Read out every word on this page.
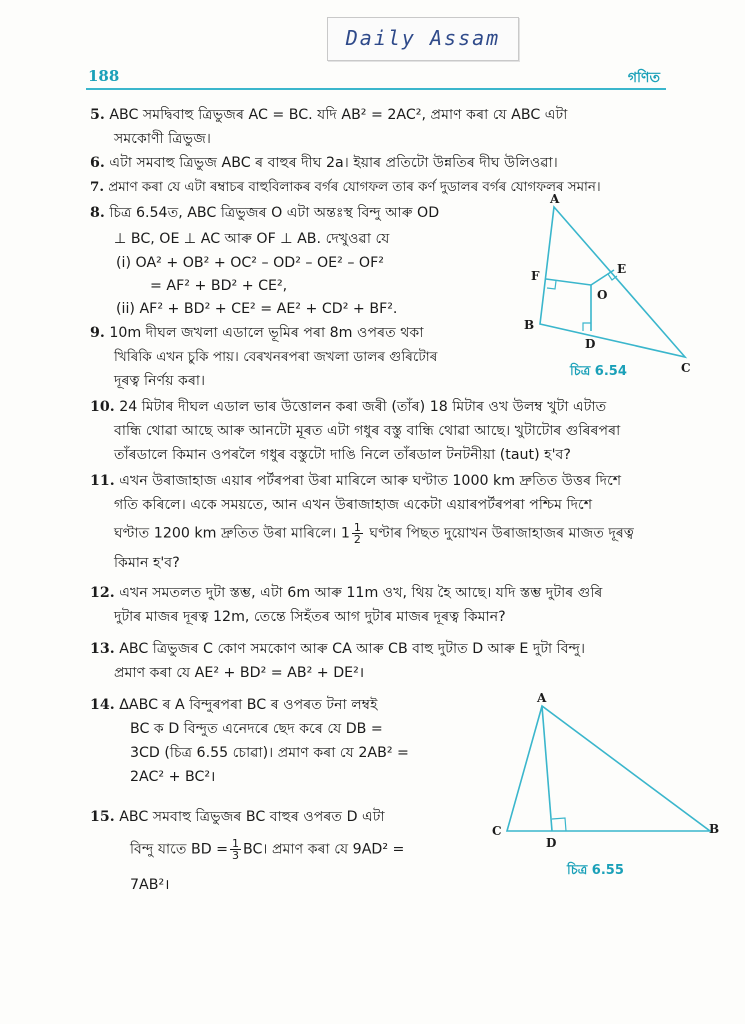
Daily Assam
188	গণিত
5. ABC সমদ্বিবাহু ত্ৰিভুজৰ AC = BC. যদি AB² = 2AC², প্ৰমাণ কৰা যে ABC এটা
সমকোণী ত্ৰিভুজ।
6. এটা সমবাহু ত্ৰিভুজ ABC ৰ বাহুৰ দীঘ 2a। ইয়াৰ প্ৰতিটো উন্নতিৰ দীঘ উলিওৱা।
7. প্ৰমাণ কৰা যে এটা ৰম্বাচৰ বাহুবিলাকৰ বৰ্গৰ যোগফল তাৰ কৰ্ণ দুডালৰ বৰ্গৰ যোগফলৰ সমান।
8. চিত্ৰ 6.54ত, ABC ত্ৰিভুজৰ O এটা অন্তঃস্থ বিন্দু আৰু OD
⊥ BC, OE ⊥ AC আৰু OF ⊥ AB. দেখুওৱা যে
(i) OA² + OB² + OC² – OD² – OE² – OF²
= AF² + BD² + CE²,
(ii) AF² + BD² + CE² = AE² + CD² + BF².
9. 10m দীঘল জখলা এডালে ভূমিৰ পৰা 8m ওপৰত থকা
খিৰিকি এখন চুকি পায়। বেৰখনৰপৰা জখলা ডালৰ গুৰিটোৰ
দূৰত্ব নিৰ্ণয় কৰা।
A
B
C
D
E
F
O
চিত্ৰ 6.54
10. 24 মিটাৰ দীঘল এডাল ভাৰ উত্তোলন কৰা জৰী (তাঁৰ) 18 মিটাৰ ওখ উলম্ব খুটা এটাত
বান্ধি থোৱা আছে আৰু আনটো মূৰত এটা গধুৰ বস্তু বান্ধি থোৱা আছে। খুটাটোৰ গুৰিৰপৰা
তাঁৰডালে কিমান ওপৰলৈ গধুৰ বস্তুটো দাঙি নিলে তাঁৰডাল টনটনীয়া (taut) হ'ব?
11. এখন উৰাজাহাজ এয়াৰ পৰ্টৰপৰা উৰা মাৰিলে আৰু ঘণ্টাত 1000 km দ্ৰুতিত উত্তৰ দিশে
গতি কৰিলে। একে সময়তে, আন এখন উৰাজাহাজ একেটা এয়াৰপৰ্টৰপৰা পশ্চিম দিশে
ঘণ্টাত 1200 km দ্ৰুতিত উৰা মাৰিলে। $1 \frac{1}{2}$ ঘণ্টাৰ পিছত দুয়োখন উৰাজাহাজৰ মাজত দূৰত্ব
কিমান হ'ব?
12. এখন সমতলত দুটা স্তম্ভ, এটা 6m আৰু 11m ওখ, থিয় হৈ আছে। যদি স্তম্ভ দুটাৰ গুৰি
দুটাৰ মাজৰ দূৰত্ব 12m, তেন্তে সিহঁতৰ আগ দুটাৰ মাজৰ দূৰত্ব কিমান?
13. ABC ত্ৰিভুজৰ C কোণ সমকোণ আৰু CA আৰু CB বাহু দুটাত D আৰু E দুটা বিন্দু।
প্ৰমাণ কৰা যে AE² + BD² = AB² + DE²।
14. ΔABC ৰ A বিন্দুৰপৰা BC ৰ ওপৰত টনা লম্বই
BC ক D বিন্দুত এনেদৰে ছেদ কৰে যে DB =
3CD (চিত্ৰ 6.55 চোৱা)। প্ৰমাণ কৰা যে 2AB² =
2AC² + BC²।
15. ABC সমবাহু ত্ৰিভুজৰ BC বাহুৰ ওপৰত D এটা
বিন্দু যাতে BD = $\frac{1}{3}$ BC। প্ৰমাণ কৰা যে 9AD² =
7AB²।
A
C	B
D
চিত্ৰ 6.55
